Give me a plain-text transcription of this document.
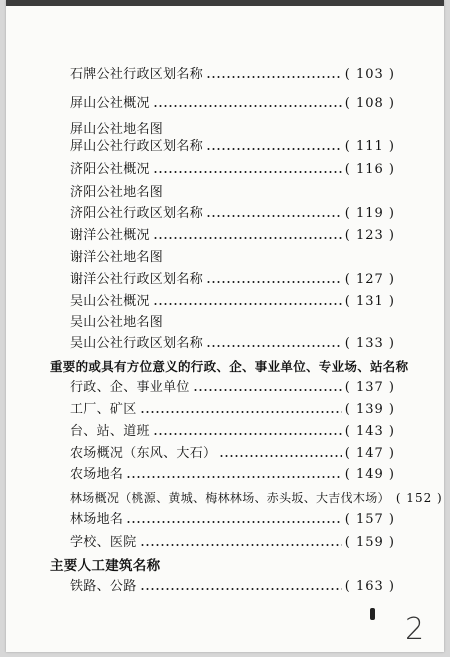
石牌公社行政区划名称	( 103 )
屏山公社概况	( 108 )
屏山公社地名图
屏山公社行政区划名称	( 111 )
济阳公社概况	( 116 )
济阳公社地名图
济阳公社行政区划名称	( 119 )
谢洋公社概况	( 123 )
谢洋公社地名图
谢洋公社行政区划名称	( 127 )
吴山公社概况	( 131 )
吴山公社地名图
吴山公社行政区划名称	( 133 )
重要的或具有方位意义的行政、企、事业单位、专业场、站名称
行政、企、事业单位	( 137 )
工厂、矿区	( 139 )
台、站、道班	( 143 )
农场概况（东风、大石）	( 147 )
农场地名	( 149 )
林场概况（桃源、黄城、梅林林场、赤头坂、大吉伐木场） ( 152 )
林场地名	( 157 )
学校、医院	( 159 )
主要人工建筑名称
铁路、公路	( 163 )
2
